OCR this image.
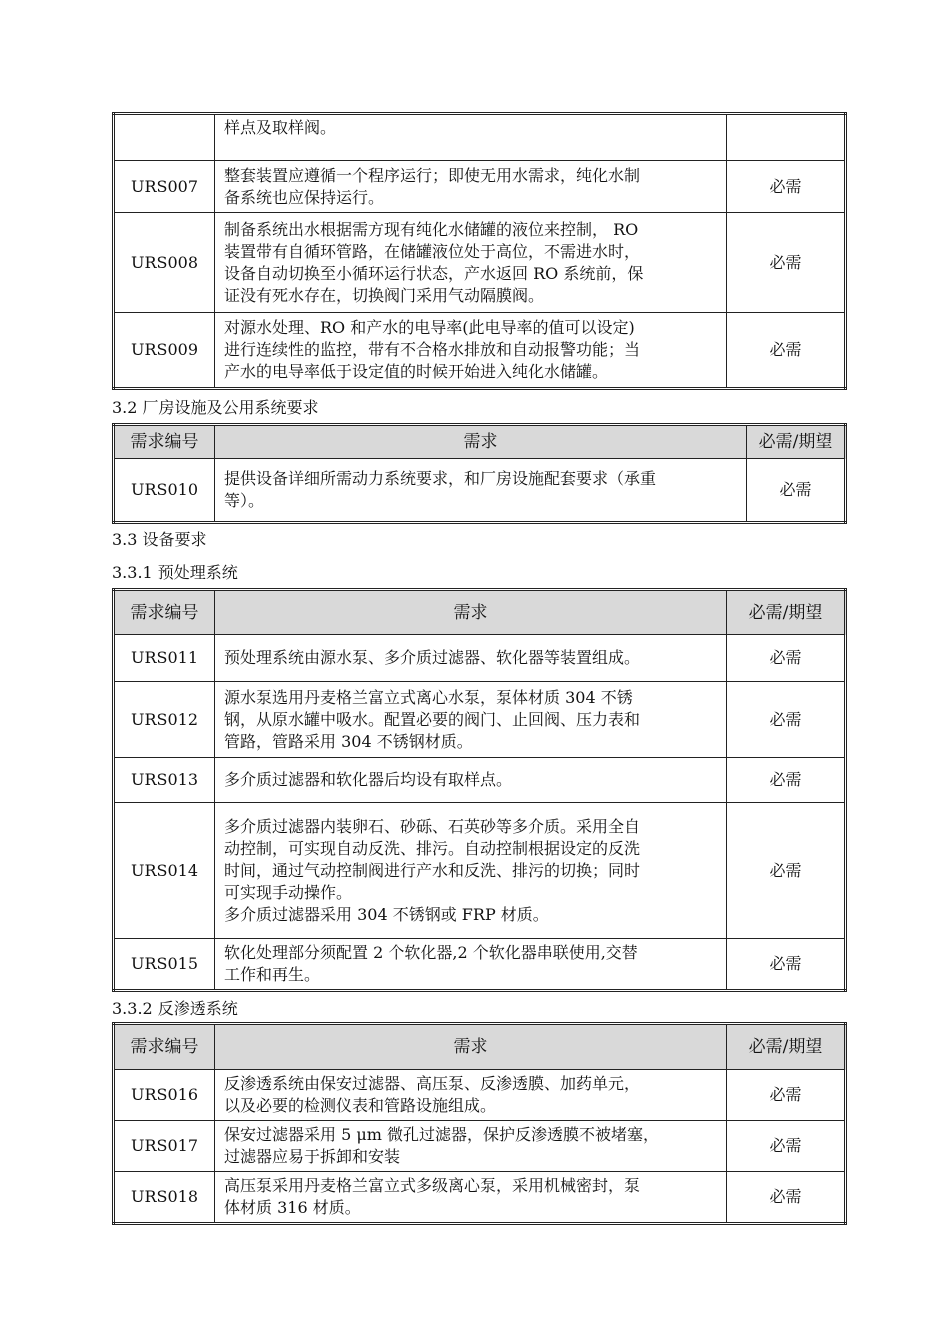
	样点及取样阀。	

URS007	整套装置应遵循一个程序运行；即使无用水需求，纯化水制
备系统也应保持运行。	必需
URS008	制备系统出水根据需方现有纯化水储罐的液位来控制， RO
装置带有自循环管路，在储罐液位处于高位，不需进水时，
设备自动切换至小循环运行状态，产水返回 RO 系统前，保
证没有死水存在，切换阀门采用气动隔膜阀。	必需
URS009	对源水处理、RO 和产水的电导率(此电导率的值可以设定)
进行连续性的监控，带有不合格水排放和自动报警功能；当
产水的电导率低于设定值的时候开始进入纯化水储罐。	必需
3.2 厂房设施及公用系统要求
需求编号	需求	必需/期望
URS010	提供设备详细所需动力系统要求，和厂房设施配套要求（承重
等）。	必需
3.3 设备要求
3.3.1 预处理系统
需求编号	需求	必需/期望
URS011	预处理系统由源水泵、多介质过滤器、软化器等装置组成。	必需
URS012	源水泵选用丹麦格兰富立式离心水泵，泵体材质 304 不锈
钢，从原水罐中吸水。配置必要的阀门、止回阀、压力表和
管路，管路采用 304 不锈钢材质。	必需
URS013	多介质过滤器和软化器后均设有取样点。	必需
URS014	多介质过滤器内装卵石、砂砾、石英砂等多介质。采用全自
动控制，可实现自动反洗、排污。自动控制根据设定的反洗
时间，通过气动控制阀进行产水和反洗、排污的切换；同时
可实现手动操作。
多介质过滤器采用 304 不锈钢或 FRP 材质。	必需
URS015	软化处理部分须配置 2 个软化器,2 个软化器串联使用,交替
工作和再生。	必需
3.3.2 反渗透系统
需求编号	需求	必需/期望
URS016	反渗透系统由保安过滤器、高压泵、反渗透膜、加药单元，
以及必要的检测仪表和管路设施组成。	必需
URS017	保安过滤器采用 5 μm 微孔过滤器，保护反渗透膜不被堵塞，
过滤器应易于拆卸和安装	必需
URS018	高压泵采用丹麦格兰富立式多级离心泵，采用机械密封，泵
体材质 316 材质。	必需
